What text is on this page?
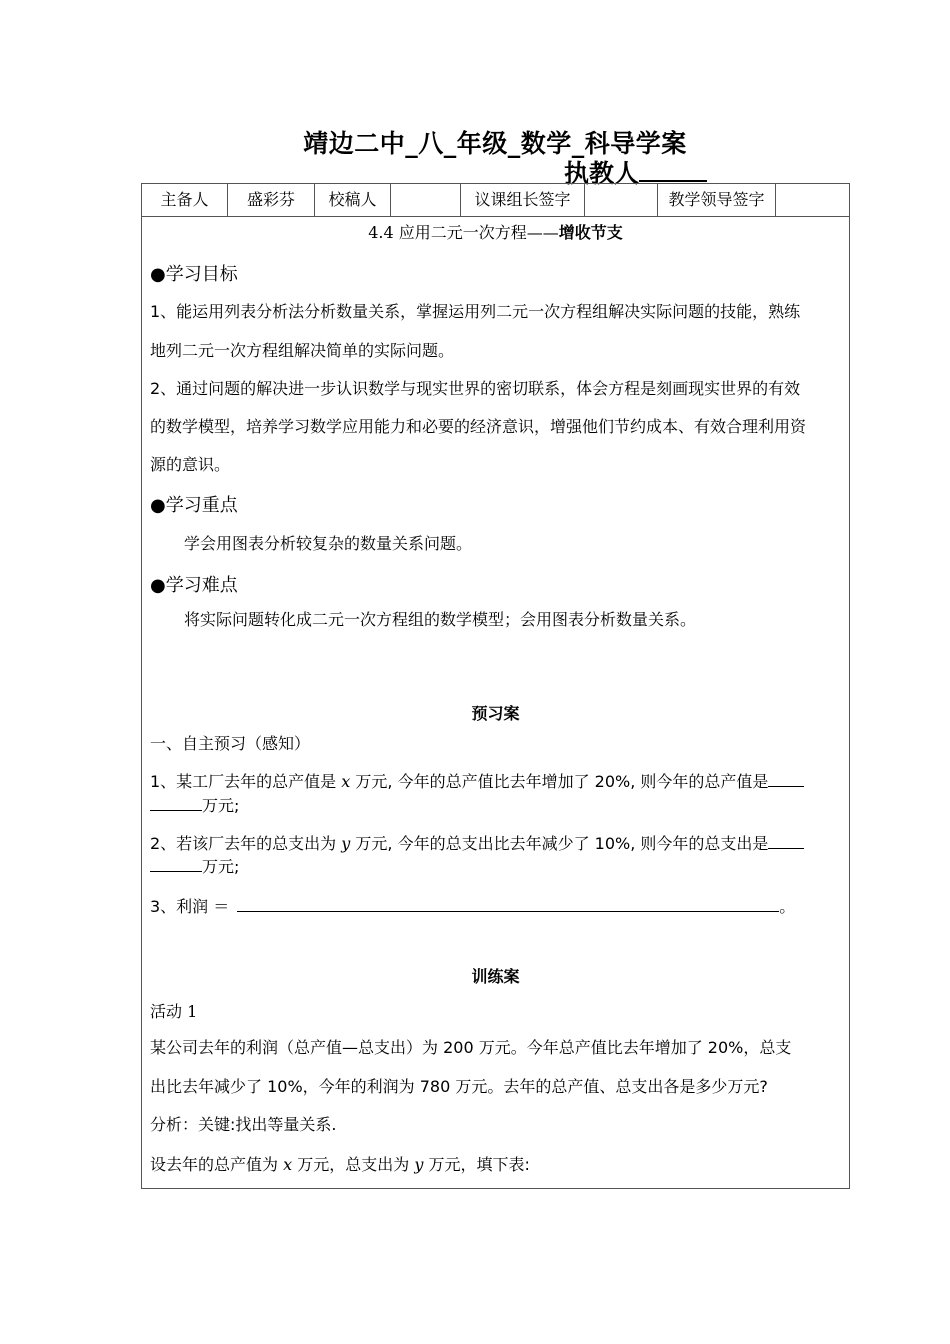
靖边二中_八_年级_数学_科导学案
执教人
主备人	盛彩芬	校稿人	议课组长签字	教学领导签字
4.4 应用二元一次方程——增收节支
●学习目标
1、能运用列表分析法分析数量关系，掌握运用列二元一次方程组解决实际问题的技能，熟练
地列二元一次方程组解决简单的实际问题。
2、通过问题的解决进一步认识数学与现实世界的密切联系，体会方程是刻画现实世界的有效
的数学模型，培养学习数学应用能力和必要的经济意识，增强他们节约成本、有效合理利用资
源的意识。
●学习重点
学会用图表分析较复杂的数量关系问题。
●学习难点
将实际问题转化成二元一次方程组的数学模型；会用图表分析数量关系。
预习案
一、自主预习（感知）
1、某工厂去年的总产值是 x 万元, 今年的总产值比去年增加了 20%, 则今年的总产值是
万元;
2、若该厂去年的总支出为 y 万元, 今年的总支出比去年减少了 10%, 则今年的总支出是
万元;
3、利润 ＝	。
训练案
活动 1
某公司去年的利润（总产值—总支出）为 200 万元。今年总产值比去年增加了 20%，总支
出比去年减少了 10%，今年的利润为 780 万元。去年的总产值、总支出各是多少万元?
分析：关键:找出等量关系.
设去年的总产值为 x 万元，总支出为 y 万元，填下表:
